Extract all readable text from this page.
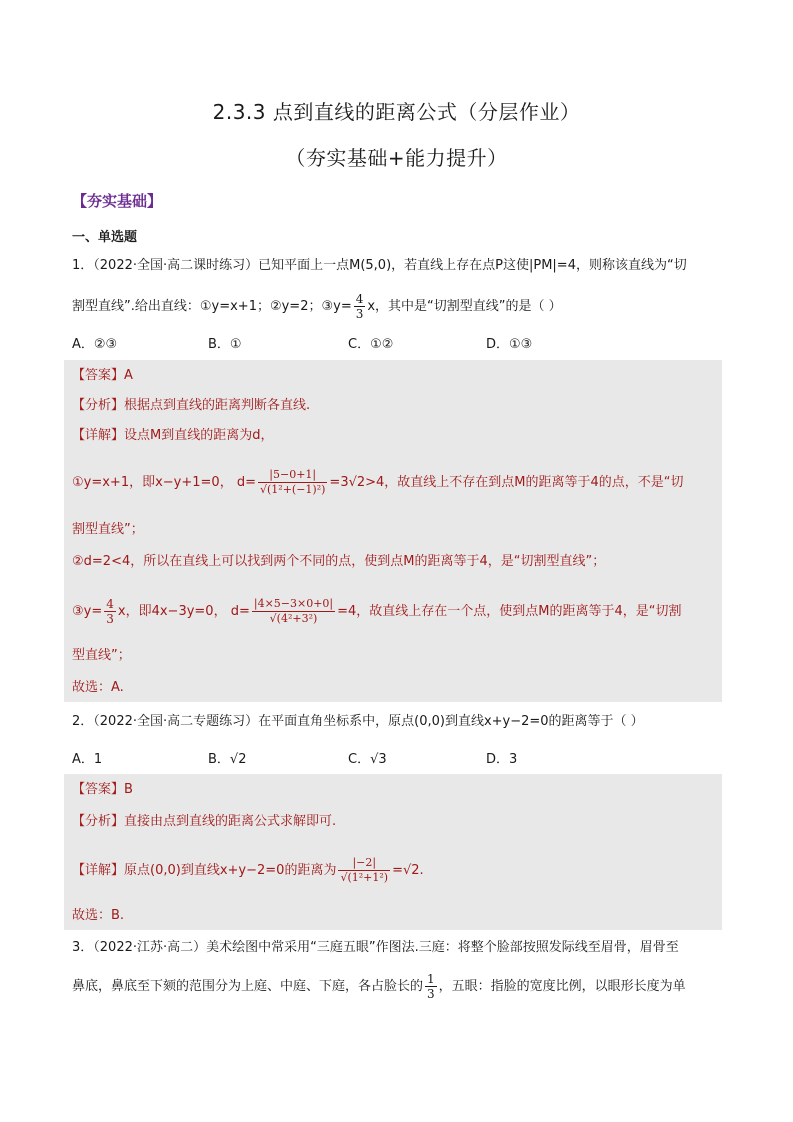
2.3.3 点到直线的距离公式（分层作业）
（夯实基础+能力提升）
【夯实基础】
一、单选题
1．（2022·全国·高二课时练习）已知平面上一点M(5,0)，若直线上存在点P这使|PM|=4，则称该直线为“切
割型直线”.给出直线：①y=x+1；②y=2；③y= $\frac{4}{3}$ x，其中是“切割型直线”的是（ ）
A．②③	B．①	C．①②	D．①③
【答案】A
【分析】根据点到直线的距离判断各直线.
【详解】设点M到直线的距离为d，
①y=x+1，即x−y+1=0， $d= \frac{|5-0+1|}{\text{√(1²+(−1)²)}} =3√2>4$，故直线上不存在到点M的距离等于4的点，不是“切
割型直线”；
②d=2<4，所以在直线上可以找到两个不同的点，使到点M的距离等于4，是“切割型直线”；
③y= $\frac{4}{3}$ x，即4x−3y=0， $d= \frac{|4\times 5-3\times 0+0|}{\text{√(4²+3²)}} =4$，故直线上存在一个点，使到点M的距离等于4，是“切割
型直线”；
故选：A.
2．（2022·全国·高二专题练习）在平面直角坐标系中，原点(0,0)到直线x+y−2=0的距离等于（ ）
A．1	B．√2	C．√3	D．3
【答案】B
【分析】直接由点到直线的距离公式求解即可.
【详解】原点(0,0)到直线x+y−2=0的距离为 $\frac{|-2|}{\text{√(1²+1²)}} =√2$.
故选：B.
3．（2022·江苏·高二）美术绘图中常采用“三庭五眼”作图法.三庭：将整个脸部按照发际线至眉骨，眉骨至
鼻底，鼻底至下颏的范围分为上庭、中庭、下庭，各占脸长的 $\frac{1}{3}$ ，五眼：指脸的宽度比例，以眼形长度为单
